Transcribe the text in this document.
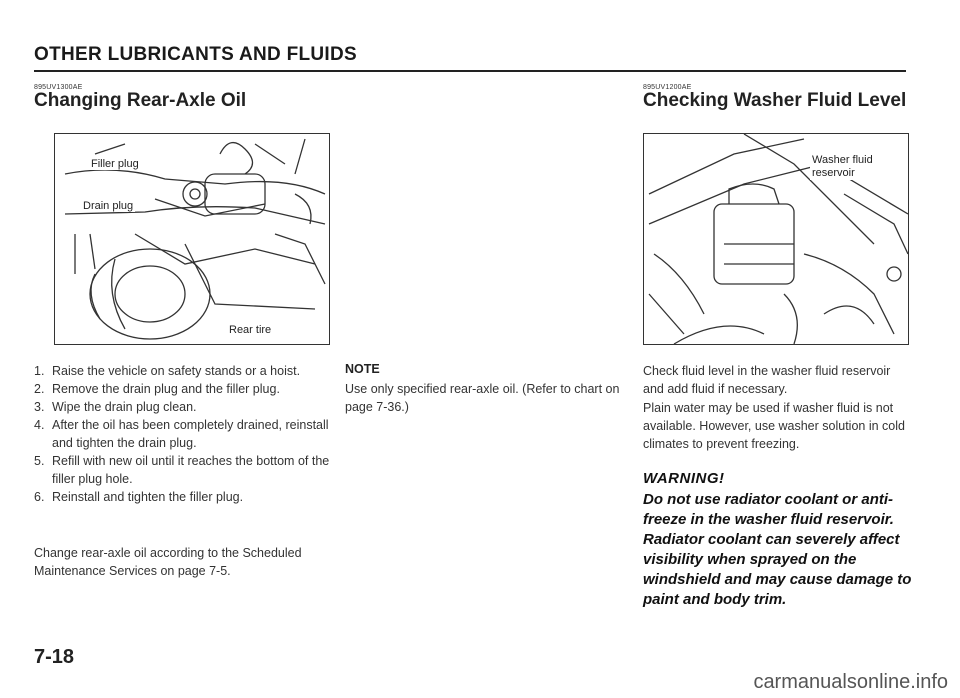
OTHER LUBRICANTS AND FLUIDS
895UV1300AE
Changing Rear-Axle Oil
Filler plug
Drain plug
Rear tire
1. Raise the vehicle on safety stands or a hoist.
2. Remove the drain plug and the filler plug.
3. Wipe the drain plug clean.
4. After the oil has been completely drained, reinstall and tighten the drain plug.
5. Refill with new oil until it reaches the bottom of the filler plug hole.
6. Reinstall and tighten the filler plug.
Change rear-axle oil according to the Scheduled Maintenance Services on page 7-5.
NOTE
Use only specified rear-axle oil. (Refer to chart on page 7-36.)
895UV1200AE
Checking Washer Fluid Level
Washer fluid reservoir
Check fluid level in the washer fluid reservoir and add fluid if necessary.
Plain water may be used if washer fluid is not available. However, use washer solution in cold climates to prevent freezing.
WARNING!
Do not use radiator coolant or anti-freeze in the washer fluid reservoir. Radiator coolant can severely affect visibility when sprayed on the windshield and may cause damage to paint and body trim.
7-18
carmanualsonline.info
